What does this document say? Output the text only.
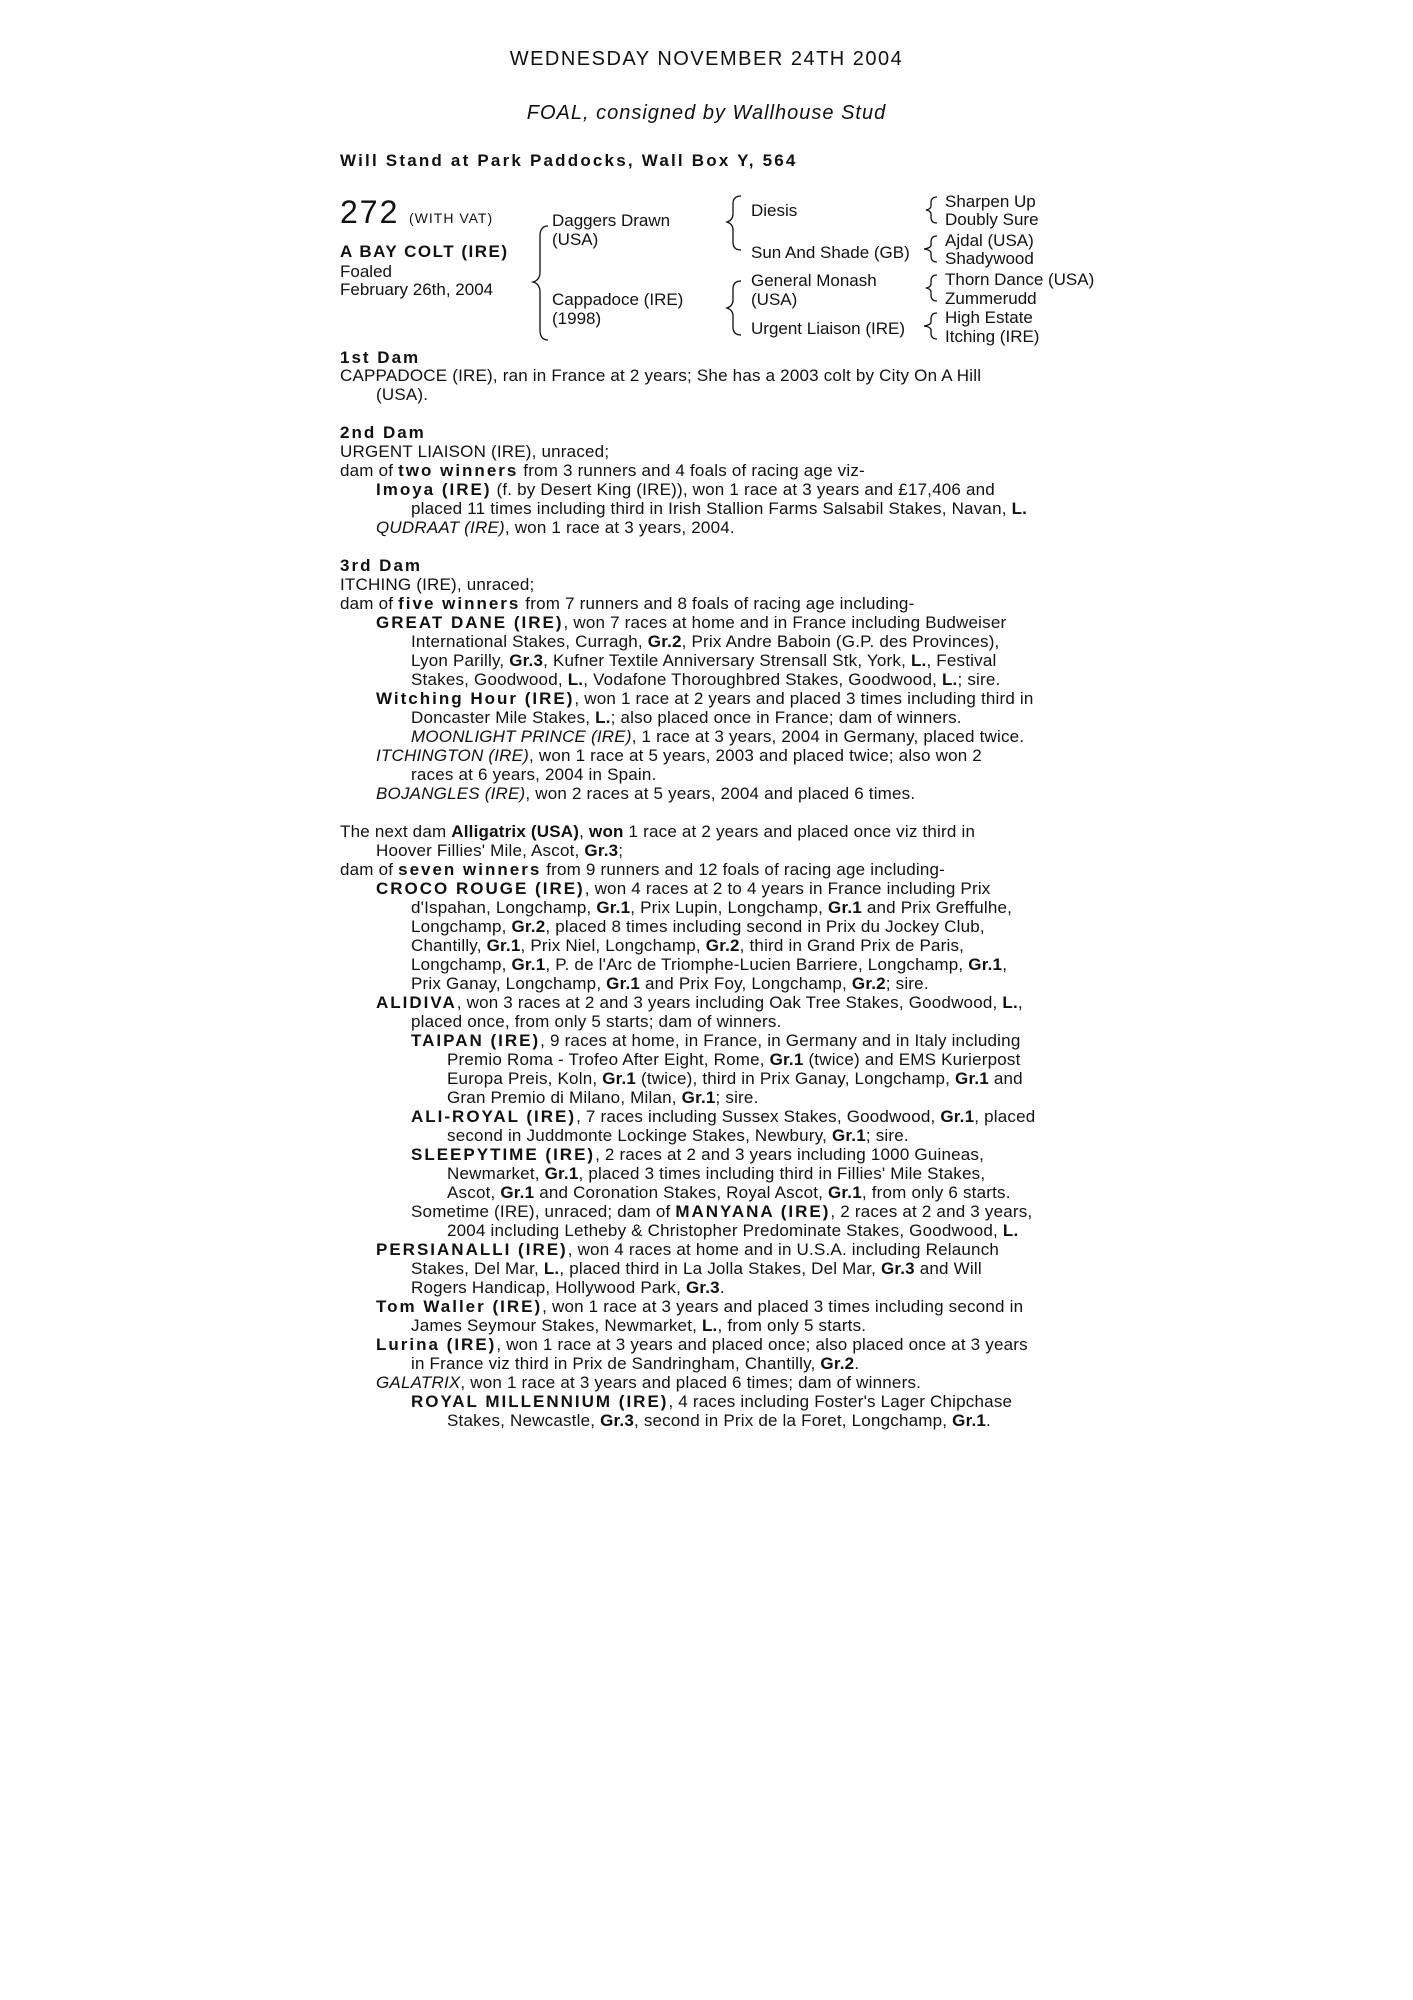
WEDNESDAY NOVEMBER 24TH 2004
FOAL, consigned by Wallhouse Stud
Will Stand at Park Paddocks, Wall Box Y, 564
272 (WITH VAT)
A BAY COLT (IRE)
Foaled
February 26th, 2004
Daggers Drawn
(USA)
Cappadoce (IRE)
(1998)
Diesis
Sun And Shade (GB)
General Monash
(USA)
Urgent Liaison (IRE)
Sharpen Up
Doubly Sure
Ajdal (USA)
Shadywood
Thorn Dance (USA)
Zummerudd
High Estate
Itching (IRE)
1st Dam
CAPPADOCE (IRE), ran in France at 2 years; She has a 2003 colt by City On A Hill
(USA).
2nd Dam
URGENT LIAISON (IRE), unraced;
dam of two winners from 3 runners and 4 foals of racing age viz-
Imoya (IRE) (f. by Desert King (IRE)), won 1 race at 3 years and £17,406 and
placed 11 times including third in Irish Stallion Farms Salsabil Stakes, Navan, L.
QUDRAAT (IRE), won 1 race at 3 years, 2004.
3rd Dam
ITCHING (IRE), unraced;
dam of five winners from 7 runners and 8 foals of racing age including-
GREAT DANE (IRE), won 7 races at home and in France including Budweiser
International Stakes, Curragh, Gr.2, Prix Andre Baboin (G.P. des Provinces),
Lyon Parilly, Gr.3, Kufner Textile Anniversary Strensall Stk, York, L., Festival
Stakes, Goodwood, L., Vodafone Thoroughbred Stakes, Goodwood, L.; sire.
Witching Hour (IRE), won 1 race at 2 years and placed 3 times including third in
Doncaster Mile Stakes, L.; also placed once in France; dam of winners.
MOONLIGHT PRINCE (IRE), 1 race at 3 years, 2004 in Germany, placed twice.
ITCHINGTON (IRE), won 1 race at 5 years, 2003 and placed twice; also won 2
races at 6 years, 2004 in Spain.
BOJANGLES (IRE), won 2 races at 5 years, 2004 and placed 6 times.
The next dam Alligatrix (USA), won 1 race at 2 years and placed once viz third in
Hoover Fillies' Mile, Ascot, Gr.3;
dam of seven winners from 9 runners and 12 foals of racing age including-
CROCO ROUGE (IRE), won 4 races at 2 to 4 years in France including Prix
d'Ispahan, Longchamp, Gr.1, Prix Lupin, Longchamp, Gr.1 and Prix Greffulhe,
Longchamp, Gr.2, placed 8 times including second in Prix du Jockey Club,
Chantilly, Gr.1, Prix Niel, Longchamp, Gr.2, third in Grand Prix de Paris,
Longchamp, Gr.1, P. de l'Arc de Triomphe-Lucien Barriere, Longchamp, Gr.1,
Prix Ganay, Longchamp, Gr.1 and Prix Foy, Longchamp, Gr.2; sire.
ALIDIVA, won 3 races at 2 and 3 years including Oak Tree Stakes, Goodwood, L.,
placed once, from only 5 starts; dam of winners.
TAIPAN (IRE), 9 races at home, in France, in Germany and in Italy including
Premio Roma - Trofeo After Eight, Rome, Gr.1 (twice) and EMS Kurierpost
Europa Preis, Koln, Gr.1 (twice), third in Prix Ganay, Longchamp, Gr.1 and
Gran Premio di Milano, Milan, Gr.1; sire.
ALI-ROYAL (IRE), 7 races including Sussex Stakes, Goodwood, Gr.1, placed
second in Juddmonte Lockinge Stakes, Newbury, Gr.1; sire.
SLEEPYTIME (IRE), 2 races at 2 and 3 years including 1000 Guineas,
Newmarket, Gr.1, placed 3 times including third in Fillies' Mile Stakes,
Ascot, Gr.1 and Coronation Stakes, Royal Ascot, Gr.1, from only 6 starts.
Sometime (IRE), unraced; dam of MANYANA (IRE), 2 races at 2 and 3 years,
2004 including Letheby & Christopher Predominate Stakes, Goodwood, L.
PERSIANALLI (IRE), won 4 races at home and in U.S.A. including Relaunch
Stakes, Del Mar, L., placed third in La Jolla Stakes, Del Mar, Gr.3 and Will
Rogers Handicap, Hollywood Park, Gr.3.
Tom Waller (IRE), won 1 race at 3 years and placed 3 times including second in
James Seymour Stakes, Newmarket, L., from only 5 starts.
Lurina (IRE), won 1 race at 3 years and placed once; also placed once at 3 years
in France viz third in Prix de Sandringham, Chantilly, Gr.2.
GALATRIX, won 1 race at 3 years and placed 6 times; dam of winners.
ROYAL MILLENNIUM (IRE), 4 races including Foster's Lager Chipchase
Stakes, Newcastle, Gr.3, second in Prix de la Foret, Longchamp, Gr.1.
